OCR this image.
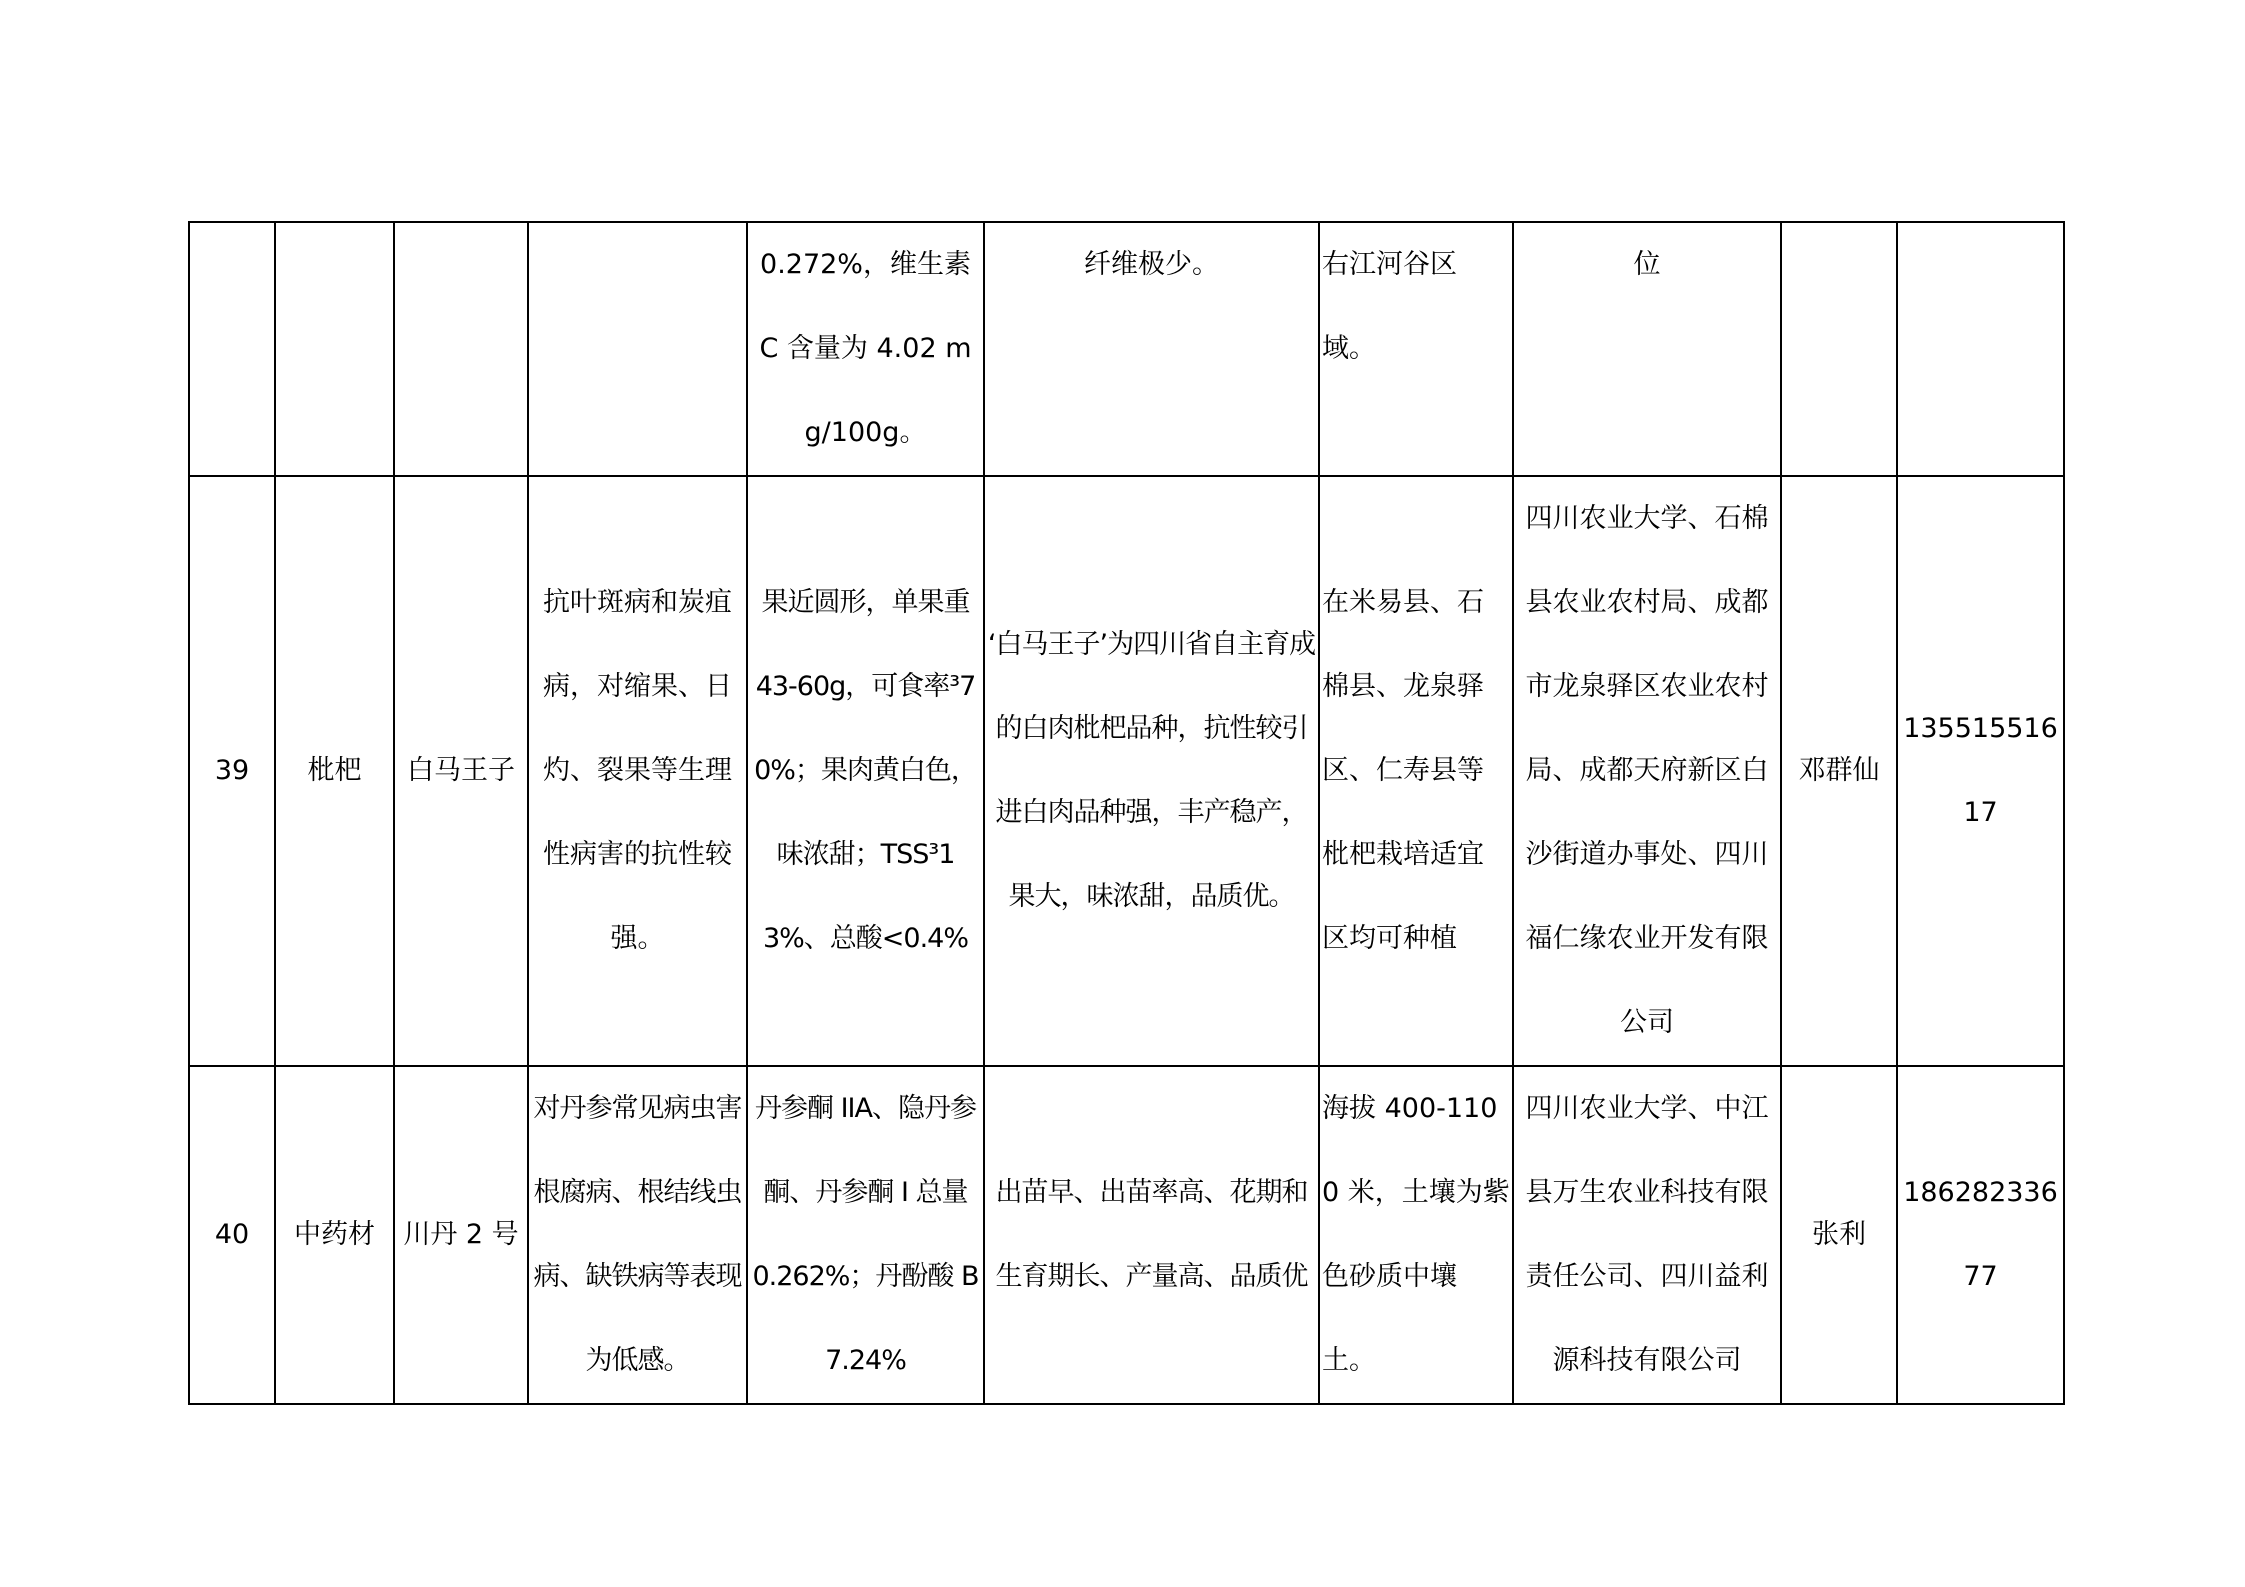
				0.272%，维生素 C 含量为 4.02 mg/100g。	纤维极少。	右江河谷区域。	位		
39	枇杷	白马王子	抗叶斑病和炭疽病，对缩果、日灼、裂果等生理性病害的抗性较强。	果近圆形，单果重 43-60g，可食率³70%；果肉黄白色，味浓甜；TSS³13%、总酸<0.4%	‘白马王子’为四川省自主育成的白肉枇杷品种，抗性较引进白肉品种强，丰产稳产，果大，味浓甜，品质优。	在米易县、石棉县、龙泉驿区、仁寿县等枇杷栽培适宜区均可种植	四川农业大学、石棉县农业农村局、成都市龙泉驿区农业农村局、成都天府新区白沙街道办事处、四川福仁缘农业开发有限公司	邓群仙	13551551617
40	中药材	川丹 2 号	对丹参常见病虫害根腐病、根结线虫病、缺铁病等表现为低感。	丹参酮 IIA、隐丹参酮、丹参酮 I 总量 0.262%；丹酚酸 B7.24%	出苗早、出苗率高、花期和生育期长、产量高、品质优	海拔 400-1100 米，土壤为紫色砂质中壤土。	四川农业大学、中江县万生农业科技有限责任公司、四川益利源科技有限公司	张利	18628233677
